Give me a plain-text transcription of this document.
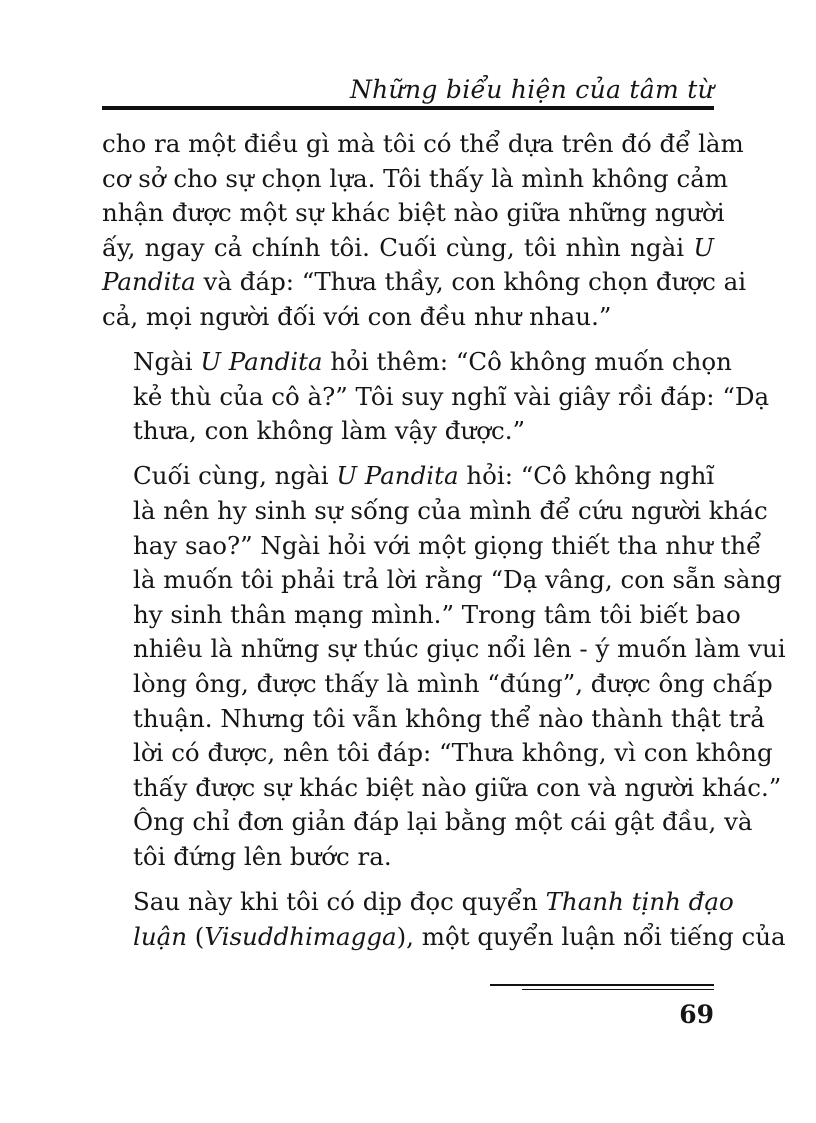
Những biểu hiện của tâm từ
cho ra một điều gì mà tôi có thể dựa trên đó để làm
cơ sở cho sự chọn lựa. Tôi thấy là mình không cảm
nhận được một sự khác biệt nào giữa những người
ấy, ngay cả chính tôi. Cuối cùng, tôi nhìn ngài U
Pandita và đáp: “Thưa thầy, con không chọn được ai
cả, mọi người đối với con đều như nhau.”
Ngài U Pandita hỏi thêm: “Cô không muốn chọn
kẻ thù của cô à?” Tôi suy nghĩ vài giây rồi đáp: “Dạ
thưa, con không làm vậy được.”
Cuối cùng, ngài U Pandita hỏi: “Cô không nghĩ
là nên hy sinh sự sống của mình để cứu người khác
hay sao?” Ngài hỏi với một giọng thiết tha như thể
là muốn tôi phải trả lời rằng “Dạ vâng, con sẵn sàng
hy sinh thân mạng mình.” Trong tâm tôi biết bao
nhiêu là những sự thúc giục nổi lên - ý muốn làm vui
lòng ông, được thấy là mình “đúng”, được ông chấp
thuận. Nhưng tôi vẫn không thể nào thành thật trả
lời có được, nên tôi đáp: “Thưa không, vì con không
thấy được sự khác biệt nào giữa con và người khác.”
Ông chỉ đơn giản đáp lại bằng một cái gật đầu, và
tôi đứng lên bước ra.
Sau này khi tôi có dịp đọc quyển Thanh tịnh đạo
luận (Visuddhimagga), một quyển luận nổi tiếng của
69
